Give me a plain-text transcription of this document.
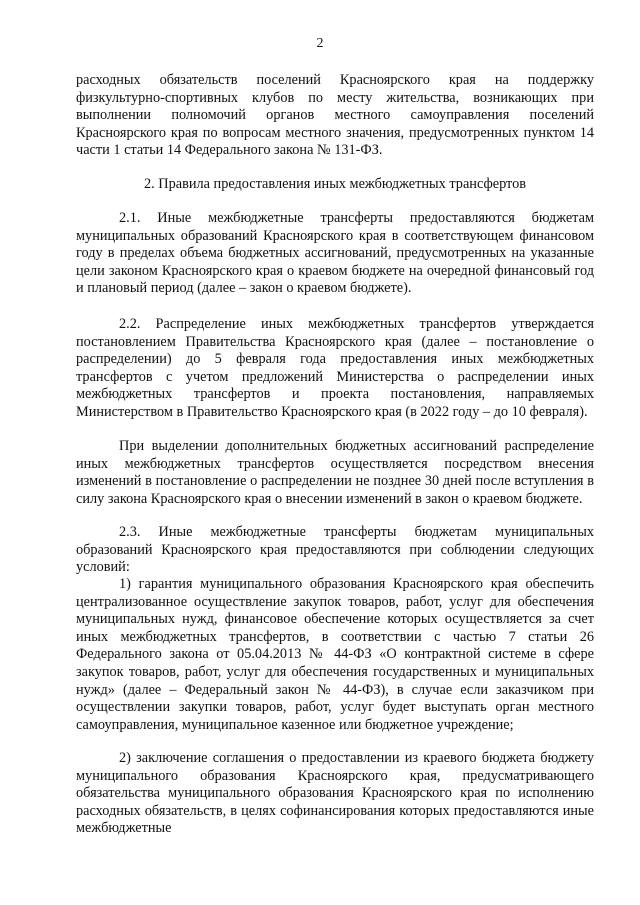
2

расходных обязательств поселений Красноярского края на поддержку физкультурно-спортивных клубов по месту жительства, возникающих при выполнении полномочий органов местного самоуправления поселений Красноярского края по вопросам местного значения, предусмотренных пунктом 14 части 1 статьи 14 Федерального закона № 131-ФЗ.

2. Правила предоставления иных межбюджетных трансфертов

2.1. Иные межбюджетные трансферты предоставляются бюджетам муниципальных образований Красноярского края в соответствующем финансовом году в пределах объема бюджетных ассигнований, предусмотренных на указанные цели законом Красноярского края о краевом бюджете на очередной финансовый год и плановый период (далее – закон о краевом бюджете).

2.2. Распределение иных межбюджетных трансфертов утверждается постановлением Правительства Красноярского края (далее – постановление о распределении) до 5 февраля года предоставления иных межбюджетных трансфертов с учетом предложений Министерства о распределении иных межбюджетных трансфертов и проекта постановления, направляемых Министерством в Правительство Красноярского края (в 2022 году – до 10 февраля).

При выделении дополнительных бюджетных ассигнований распределение иных межбюджетных трансфертов осуществляется посредством внесения изменений в постановление о распределении не позднее 30 дней после вступления в силу закона Красноярского края о внесении изменений в закон о краевом бюджете.

2.3. Иные межбюджетные трансферты бюджетам муниципальных образований Красноярского края предоставляются при соблюдении следующих условий:

1) гарантия муниципального образования Красноярского края обеспечить централизованное осуществление закупок товаров, работ, услуг для обеспечения муниципальных нужд, финансовое обеспечение которых осуществляется за счет иных межбюджетных трансфертов, в соответствии с частью 7 статьи 26 Федерального закона от 05.04.2013 № 44-ФЗ «О контрактной системе в сфере закупок товаров, работ, услуг для обеспечения государственных и муниципальных нужд» (далее – Федеральный закон № 44-ФЗ), в случае если заказчиком при осуществлении закупки товаров, работ, услуг будет выступать орган местного самоуправления, муниципальное казенное или бюджетное учреждение;

2) заключение соглашения о предоставлении из краевого бюджета бюджету муниципального образования Красноярского края, предусматривающего обязательства муниципального образования Красноярского края по исполнению расходных обязательств, в целях софинансирования которых предоставляются иные межбюджетные
